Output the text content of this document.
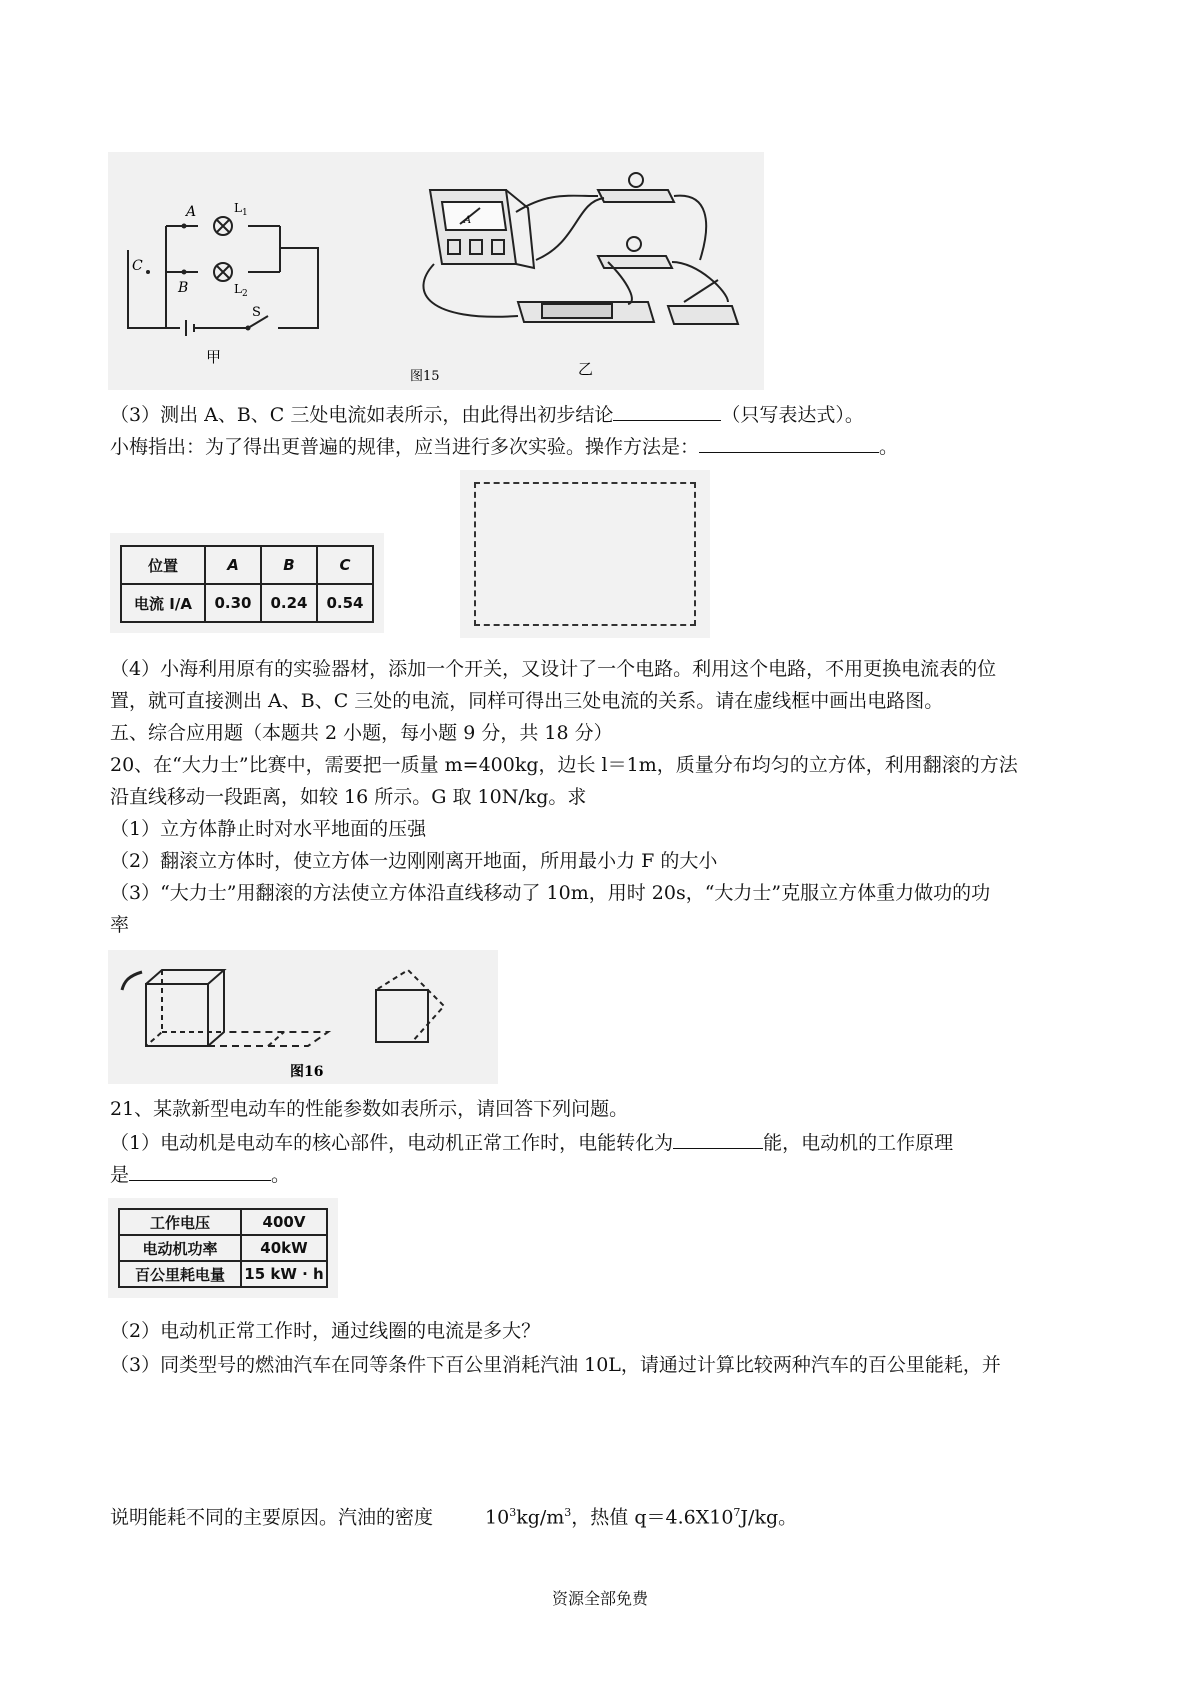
A
B
C
$L_1$
$L_2$
S
甲
A
乙
图15
（3）测出 A、B、C 三处电流如表所示，由此得出初步结论	（只写表达式）。
小梅指出：为了得出更普遍的规律，应当进行多次实验。操作方法是：	。
位置	A	B	C
电流 I/A	0.30	0.24	0.54
（4）小海利用原有的实验器材，添加一个开关，又设计了一个电路。利用这个电路，不用更换电流表的位
置，就可直接测出 A、B、C 三处的电流，同样可得出三处电流的关系。请在虚线框中画出电路图。
五、综合应用题（本题共 2 小题，每小题 9 分，共 18 分）
20、在“大力士”比赛中，需要把一质量 m=400kg，边长 l＝1m，质量分布均匀的立方体，利用翻滚的方法
沿直线移动一段距离，如较 16 所示。G 取 10N/kg。求
（1）立方体静止时对水平地面的压强
（2）翻滚立方体时，使立方体一边刚刚离开地面，所用最小力 F 的大小
（3）“大力士”用翻滚的方法使立方体沿直线移动了 10m，用时 20s，“大力士”克服立方体重力做功的功
率
图16
21、某款新型电动车的性能参数如表所示，请回答下列问题。
（1）电动机是电动车的核心部件，电动机正常工作时，电能转化为	能，电动机的工作原理
是	。
工作电压	400V
电动机功率	40kW
百公里耗电量	15 kW · h
（2）电动机正常工作时，通过线圈的电流是多大？
（3）同类型号的燃油汽车在同等条件下百公里消耗汽油 10L，请通过计算比较两种汽车的百公里能耗，并
说明能耗不同的主要原因。汽油的密度	$10^3kg/m^3$，热值 $q=4.6X10^7J/kg$。
资源全部免费
